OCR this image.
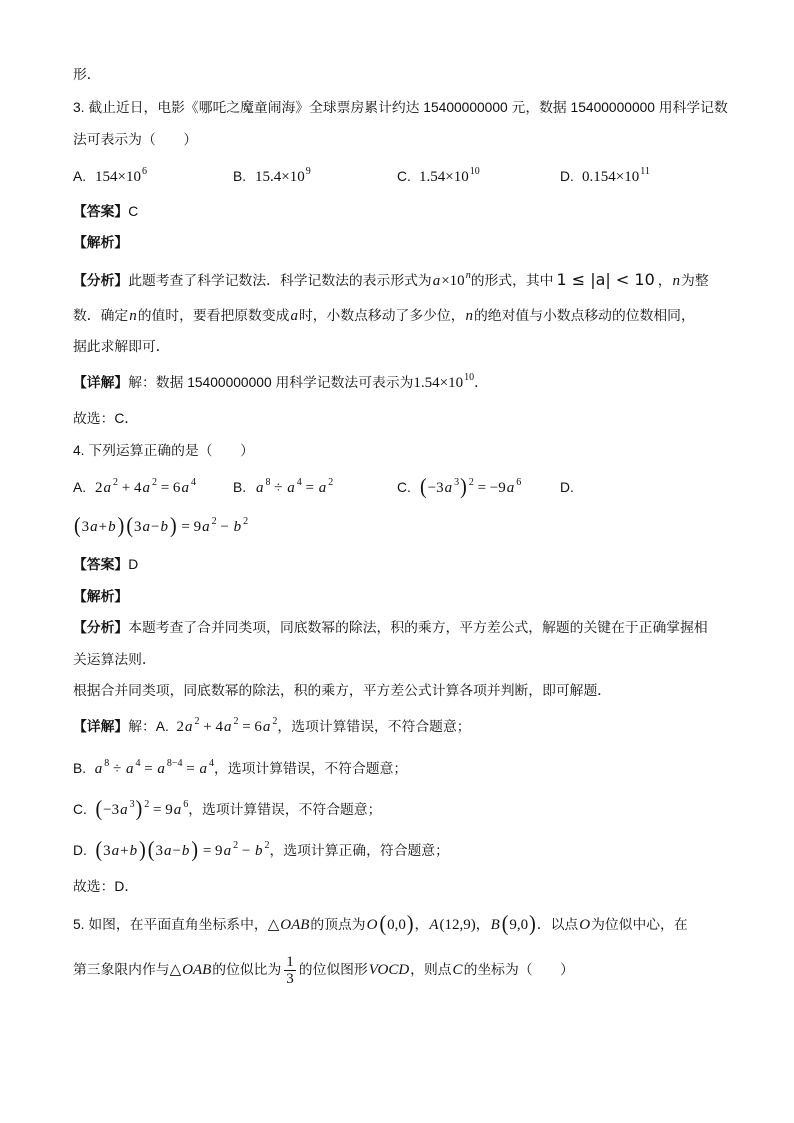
形．
3. 截止近日，电影《哪吒之魔童闹海》全球票房累计约达 15400000000 元，数据 15400000000 用科学记数
法可表示为（　　）
A. $154\times 10^6$	B. $15.4\times 10^9$	C. $1.54\times 10^{10}$	D. $0.154\times 10^{11}$
【答案】C
【解析】
【分析】此题考查了科学记数法．科学记数法的表示形式为$a\times 10^n$的形式，其中 1 ≤ |a| < 10 ，n为整
数．确定n的值时，要看把原数变成a时，小数点移动了多少位，n的绝对值与小数点移动的位数相同，
据此求解即可．
【详解】解：数据 15400000000 用科学记数法可表示为$1.54\times 10^{10}$．
故选：C．
4. 下列运算正确的是（　　）
A. 2a $^2$ + 4a $^2$ = 6a $^4$	B. a $^8$ ÷ a $^4$ = a $^2$	C. (−3a $^3$) $^2$ = −9a $^6$	D.
(3a+b ) (3a−b ) = 9a $^2$ − b $^2$
【答案】D
【解析】
【分析】本题考查了合并同类项，同底数幂的除法，积的乘方，平方差公式，解题的关键在于正确掌握相
关运算法则．
根据合并同类项，同底数幂的除法，积的乘方，平方差公式计算各项并判断，即可解题．
【详解】解：A.  2a $^2$ + 4a $^2$ = 6a $^2$，选项计算错误，不符合题意；
B.  a $^8$ ÷ a $^4$ = a $^{8-4}$ = a $^4$，选项计算错误，不符合题意；
C.  (−3a $^3$) $^2$ = 9a $^6$，选项计算错误，不符合题意；
D.  (3a+b ) (3a−b ) = 9a $^2$ − b $^2$，选项计算正确，符合题意；
故选：D．
5. 如图，在平面直角坐标系中，△OAB的顶点为O (0,0)，A(12,9)，B (9,0)．以点O为位似中心，在
第三象限内作与△OAB的位似比为 $\frac{1}{3}$ 的位似图形VOCD，则点C的坐标为（　　）
